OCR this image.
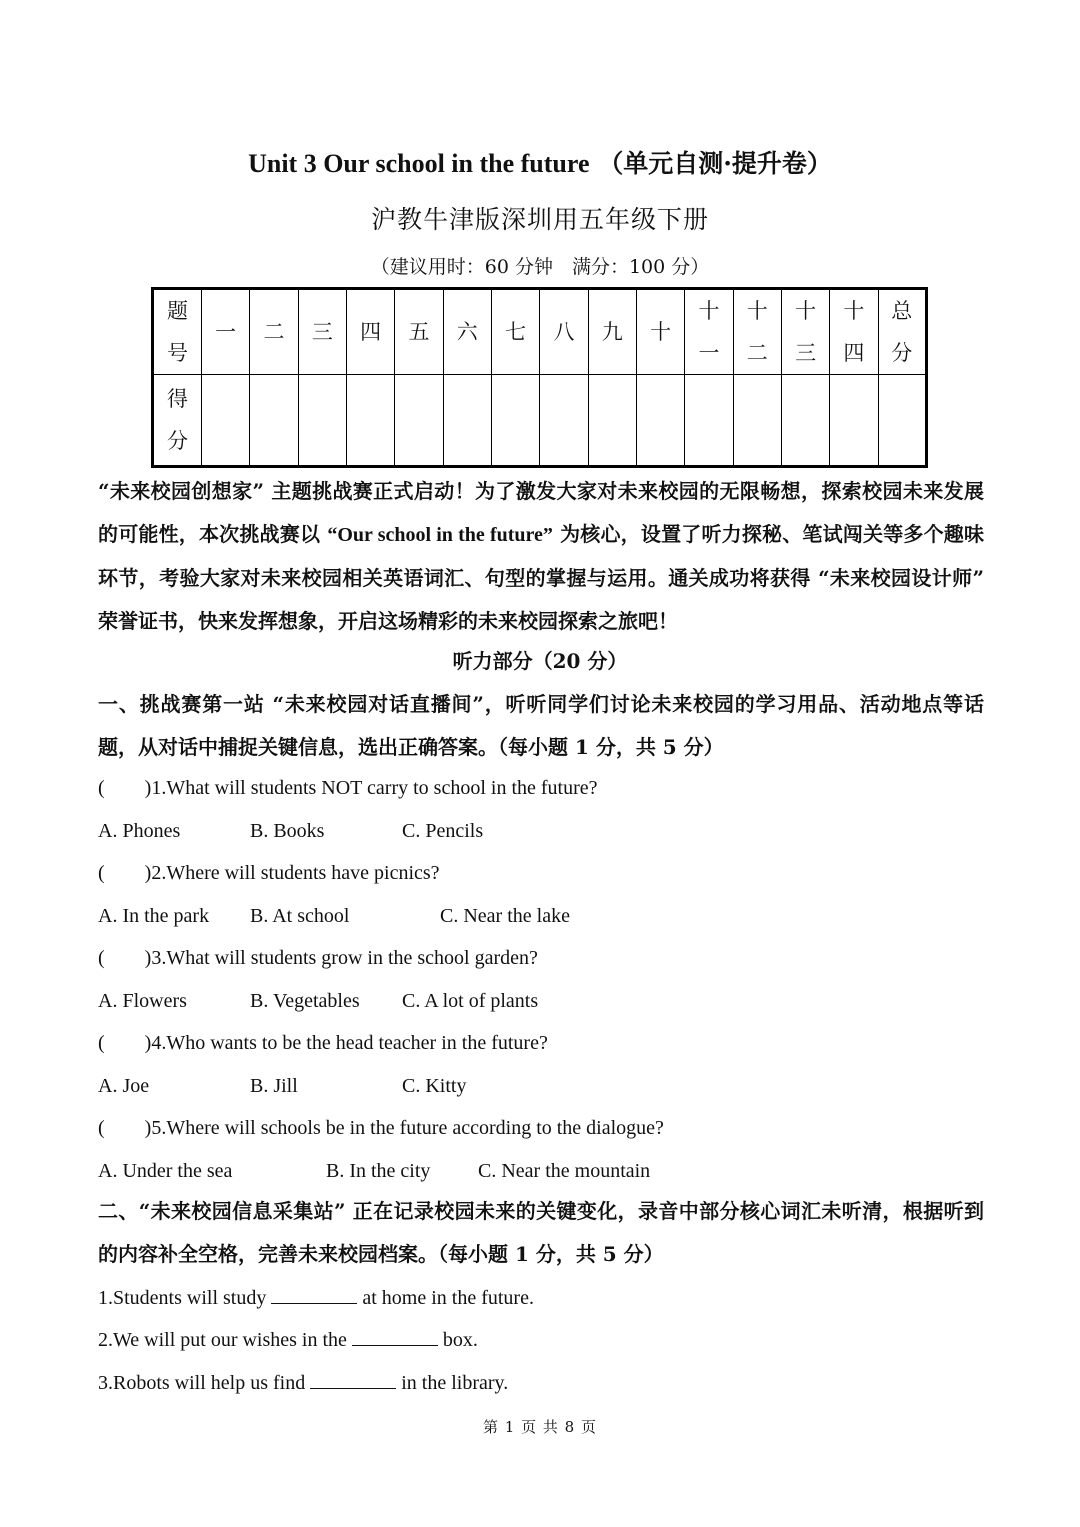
Unit 3 Our school in the future （单元自测·提升卷）
沪教牛津版深圳用五年级下册
（建议用时：60 分钟　满分：100 分）
题号	一	二	三	四	五	六	七	八	九	十	十一	十二	十三	十四	总分
得分															
“未来校园创想家” 主题挑战赛正式启动！为了激发大家对未来校园的无限畅想，探索校园未来发展的可能性，本次挑战赛以 “Our school in the future” 为核心，设置了听力探秘、笔试闯关等多个趣味环节，考验大家对未来校园相关英语词汇、句型的掌握与运用。通关成功将获得 “未来校园设计师” 荣誉证书，快来发挥想象，开启这场精彩的未来校园探索之旅吧！
听力部分（20 分）
一、挑战赛第一站 “未来校园对话直播间”，听听同学们讨论未来校园的学习用品、活动地点等话题，从对话中捕捉关键信息，选出正确答案。（每小题 1 分，共 5 分）
(　　)1.What will students NOT carry to school in the future?
A. Phones	B. Books	C. Pencils
(　　)2.Where will students have picnics?
A. In the park B. At school	C. Near the lake
(　　)3.What will students grow in the school garden?
A. Flowers	B. Vegetables C. A lot of plants
(　　)4.Who wants to be the head teacher in the future?
A. Joe	B. Jill	C. Kitty
(　　)5.Where will schools be in the future according to the dialogue?
A. Under the sea	B. In the city C. Near the mountain
二、“未来校园信息采集站” 正在记录校园未来的关键变化，录音中部分核心词汇未听清，根据听到的内容补全空格，完善未来校园档案。（每小题 1 分，共 5 分）
1.Students will study	at home in the future.
2.We will put our wishes in the	box.
3.Robots will help us find	in the library.
第 1 页 共 8 页
